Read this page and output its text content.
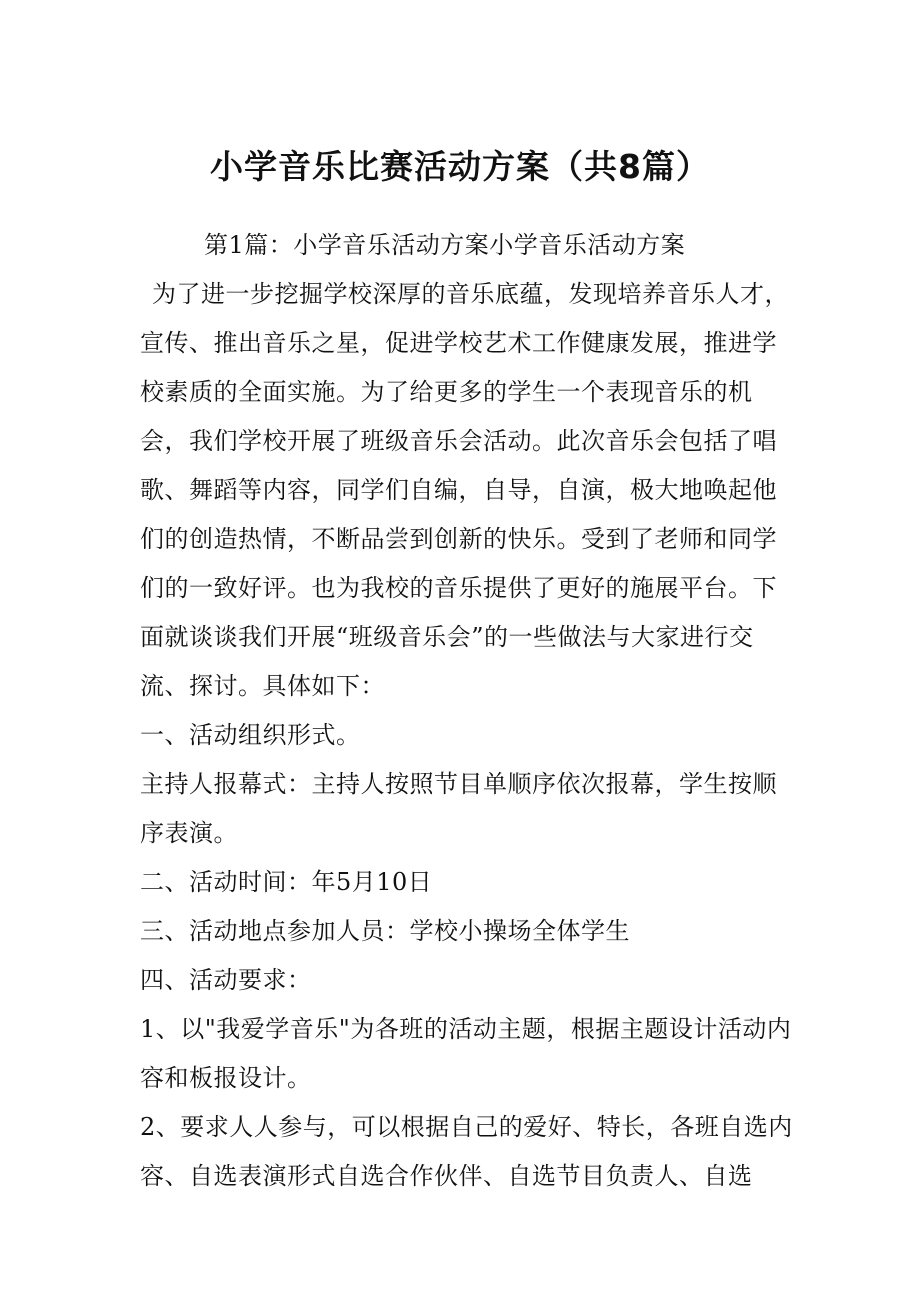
小学音乐比赛活动方案（共8篇）

第1篇：小学音乐活动方案小学音乐活动方案

为了进一步挖掘学校深厚的音乐底蕴，发现培养音乐人才，宣传、推出音乐之星，促进学校艺术工作健康发展，推进学校素质的全面实施。为了给更多的学生一个表现音乐的机会，我们学校开展了班级音乐会活动。此次音乐会包括了唱歌、舞蹈等内容，同学们自编，自导，自演，极大地唤起他们的创造热情，不断品尝到创新的快乐。受到了老师和同学们的一致好评。也为我校的音乐提供了更好的施展平台。下面就谈谈我们开展“班级音乐会”的一些做法与大家进行交流、探讨。具体如下：

一、活动组织形式。

主持人报幕式：主持人按照节目单顺序依次报幕，学生按顺序表演。

二、活动时间：年5月10日

三、活动地点参加人员：学校小操场全体学生

四、活动要求：

1、以"我爱学音乐"为各班的活动主题，根据主题设计活动内容和板报设计。

2、要求人人参与，可以根据自己的爱好、特长，各班自选内容、自选表演形式自选合作伙伴、自选节目负责人、自选
